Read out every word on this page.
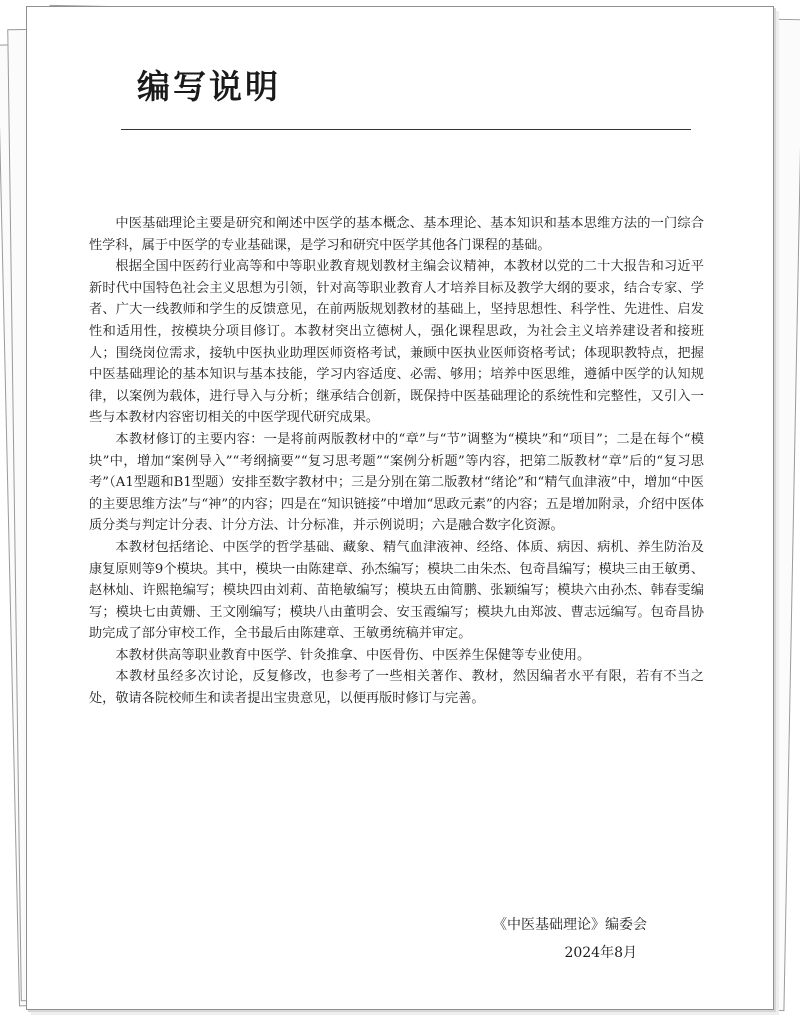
编写说明

中医基础理论主要是研究和阐述中医学的基本概念、基本理论、基本知识和基本思维方法的一门综合性学科，属于中医学的专业基础课，是学习和研究中医学其他各门课程的基础。

根据全国中医药行业高等和中等职业教育规划教材主编会议精神，本教材以党的二十大报告和习近平新时代中国特色社会主义思想为引领，针对高等职业教育人才培养目标及教学大纲的要求，结合专家、学者、广大一线教师和学生的反馈意见，在前两版规划教材的基础上，坚持思想性、科学性、先进性、启发性和适用性，按模块分项目修订。本教材突出立德树人，强化课程思政，为社会主义培养建设者和接班人；围绕岗位需求，接轨中医执业助理医师资格考试，兼顾中医执业医师资格考试；体现职教特点，把握中医基础理论的基本知识与基本技能，学习内容适度、必需、够用；培养中医思维，遵循中医学的认知规律，以案例为载体，进行导入与分析；继承结合创新，既保持中医基础理论的系统性和完整性，又引入一些与本教材内容密切相关的中医学现代研究成果。

本教材修订的主要内容：一是将前两版教材中的“章”与“节”调整为“模块”和“项目”；二是在每个“模块”中，增加“案例导入”“考纲摘要”“复习思考题”“案例分析题”等内容，把第二版教材“章”后的“复习思考”（A1型题和B1型题）安排至数字教材中；三是分别在第二版教材“绪论”和“精气血津液”中，增加“中医的主要思维方法”与“神”的内容；四是在“知识链接”中增加“思政元素”的内容；五是增加附录，介绍中医体质分类与判定计分表、计分方法、计分标准，并示例说明；六是融合数字化资源。

本教材包括绪论、中医学的哲学基础、藏象、精气血津液神、经络、体质、病因、病机、养生防治及康复原则等9个模块。其中，模块一由陈建章、孙杰编写；模块二由朱杰、包奇昌编写；模块三由王敏勇、赵林灿、许熙艳编写；模块四由刘莉、苗艳敏编写；模块五由简鹏、张颖编写；模块六由孙杰、韩春雯编写；模块七由黄姗、王文刚编写；模块八由董明会、安玉霞编写；模块九由郑波、曹志远编写。包奇昌协助完成了部分审校工作，全书最后由陈建章、王敏勇统稿并审定。

本教材供高等职业教育中医学、针灸推拿、中医骨伤、中医养生保健等专业使用。

本教材虽经多次讨论，反复修改，也参考了一些相关著作、教材，然因编者水平有限，若有不当之处，敬请各院校师生和读者提出宝贵意见，以便再版时修订与完善。

《中医基础理论》编委会
2024年8月
